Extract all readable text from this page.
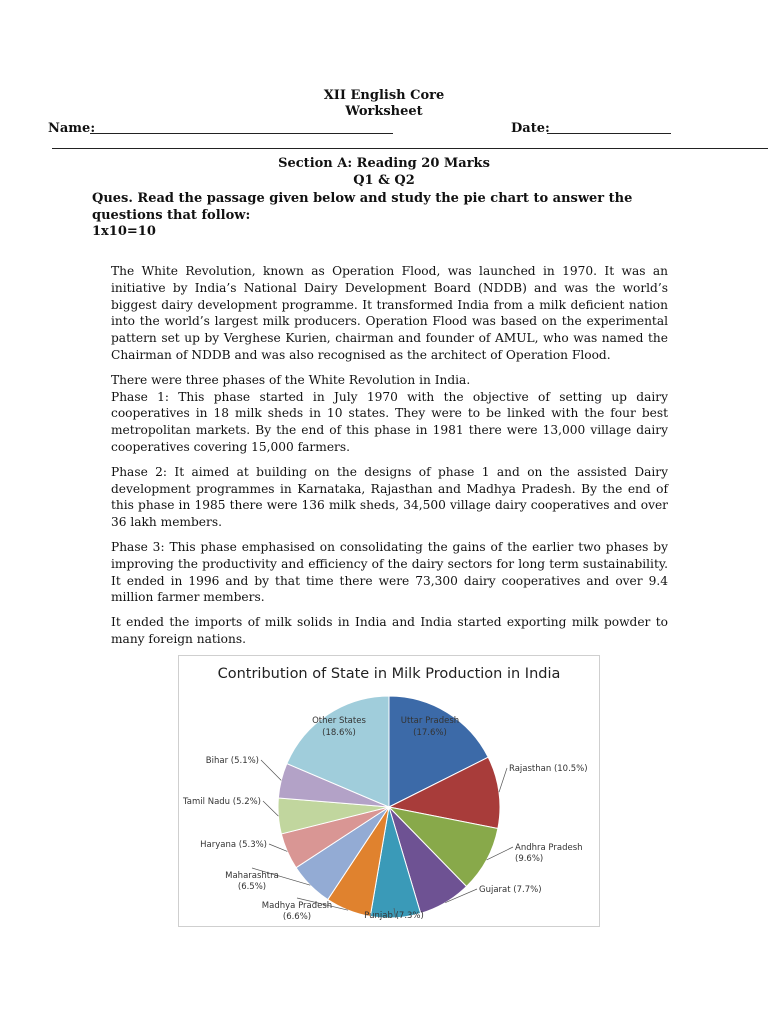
XII English Core
Worksheet
Name:	Date:
Section A: Reading 20 Marks
Q1 & Q2
Ques. Read the passage given below and study the pie chart to answer the questions that follow:
1x10=10

The White Revolution, known as Operation Flood, was launched in 1970. It was an initiative by India’s National Dairy Development Board (NDDB) and was the world’s biggest dairy development programme. It transformed India from a milk deficient nation into the world’s largest milk producers. Operation Flood was based on the experimental pattern set up by Verghese Kurien, chairman and founder of AMUL, who was named the Chairman of NDDB and was also recognised as the architect of Operation Flood.

There were three phases of the White Revolution in India.

Phase 1: This phase started in July 1970 with the objective of setting up dairy cooperatives in 18 milk sheds in 10 states. They were to be linked with the four best metropolitan markets. By the end of this phase in 1981 there were 13,000 village dairy cooperatives covering 15,000 farmers.

Phase 2: It aimed at building on the designs of phase 1 and on the assisted Dairy development programmes in Karnataka, Rajasthan and Madhya Pradesh. By the end of this phase in 1985 there were 136 milk sheds, 34,500 village dairy cooperatives and over 36 lakh members.

Phase 3: This phase emphasised on consolidating the gains of the earlier two phases by improving the productivity and efficiency of the dairy sectors for long term sustainability. It ended in 1996 and by that time there were 73,300 dairy cooperatives and over 9.4 million farmer members.

It ended the imports of milk solids in India and India started exporting milk powder to many foreign nations.

Contribution of State in Milk Production in India
Uttar Pradesh
(17.6%)
Rajasthan (10.5%)
Andhra Pradesh
(9.6%)
Gujarat (7.7%)
Punjab (7.3%)
Madhya Pradesh
(6.6%)
Maharashtra
(6.5%)
Haryana (5.3%)
Tamil Nadu (5.2%)
Bihar (5.1%)
Other States
(18.6%)
